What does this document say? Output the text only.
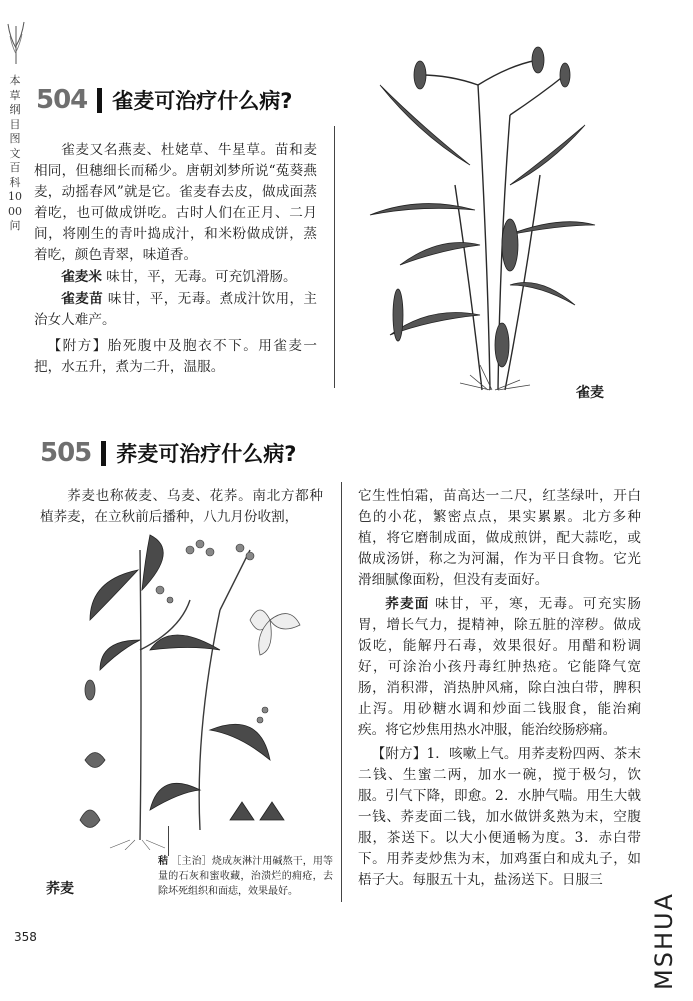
本草纲目图文百科1000问
504 雀麦可治疗什么病?

雀麦又名燕麦、杜姥草、牛星草。苗和麦相同，但穗细长而稀少。唐朝刘梦所说“菟葵燕麦，动摇春风”就是它。雀麦春去皮，做成面蒸着吃，也可做成饼吃。古时人们在正月、二月间，将刚生的青叶捣成汁，和米粉做成饼，蒸着吃，颜色青翠，味道香。

雀麦米 味甘，平，无毒。可充饥滑肠。

雀麦苗 味甘，平，无毒。煮成汁饮用，主治女人难产。

【附方】胎死腹中及胞衣不下。用雀麦一把，水五升，煮为二升，温服。

雀麦
505 荞麦可治疗什么病?

荞麦也称莜麦、乌麦、花荞。南北方都种植荞麦，在立秋前后播种，八九月份收割，

秸 ［主治］烧成灰淋汁用碱熬干，用等量的石灰和蜜收藏，治溃烂的痈疮，去除坏死组织和面痣，效果最好。
荞麦

它生性怕霜，苗高达一二尺，红茎绿叶，开白色的小花，繁密点点，果实累累。北方多种植，将它磨制成面，做成煎饼，配大蒜吃，或做成汤饼，称之为河漏，作为平日食物。它光滑细腻像面粉，但没有麦面好。

荞麦面 味甘，平，寒，无毒。可充实肠胃，增长气力，提精神，除五脏的滓秽。做成饭吃，能解丹石毒，效果很好。用醋和粉调好，可涂治小孩丹毒红肿热疮。它能降气宽肠，消积滞，消热肿风痛，除白浊白带，脾积止泻。用砂糖水调和炒面二钱服食，能治痢疾。将它炒焦用热水冲服，能治绞肠痧痛。

【附方】1．咳嗽上气。用荞麦粉四两、茶末二钱、生蜜二两，加水一碗，搅于极匀，饮服。引气下降，即愈。2．水肿气喘。用生大戟一钱、荞麦面二钱，加水做饼炙熟为末，空腹服，茶送下。以大小便通畅为度。3．赤白带下。用荞麦炒焦为末，加鸡蛋白和成丸子，如梧子大。每服五十丸，盐汤送下。日服三

358	MSHUA
